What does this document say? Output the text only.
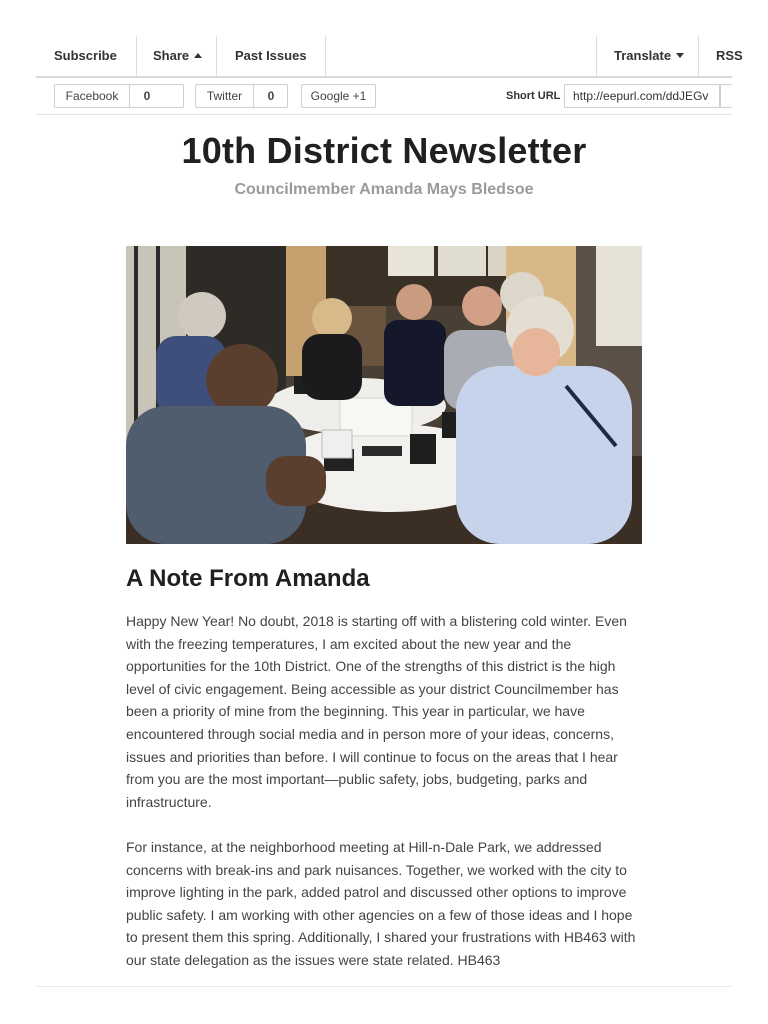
Subscribe	Share	Past Issues	Translate	RSS
Facebook	0	Twitter	0	Google +1	Short URL	http://eepurl.com/ddJEGv
10th District Newsletter
Councilmember Amanda Mays Bledsoe
A Note From Amanda

Happy New Year! No doubt, 2018 is starting off with a blistering cold winter. Even with the freezing temperatures, I am excited about the new year and the opportunities for the 10th District. One of the strengths of this district is the high level of civic engagement. Being accessible as your district Councilmember has been a priority of mine from the beginning. This year in particular, we have encountered through social media and in person more of your ideas, concerns, issues and priorities than before. I will continue to focus on the areas that I hear from you are the most important—public safety, jobs, budgeting, parks and infrastructure.

For instance, at the neighborhood meeting at Hill-n-Dale Park, we addressed concerns with break-ins and park nuisances. Together, we worked with the city to improve lighting in the park, added patrol and discussed other options to improve public safety. I am working with other agencies on a few of those ideas and I hope to present them this spring. Additionally, I shared your frustrations with HB463 with our state delegation as the issues were state related. HB463
